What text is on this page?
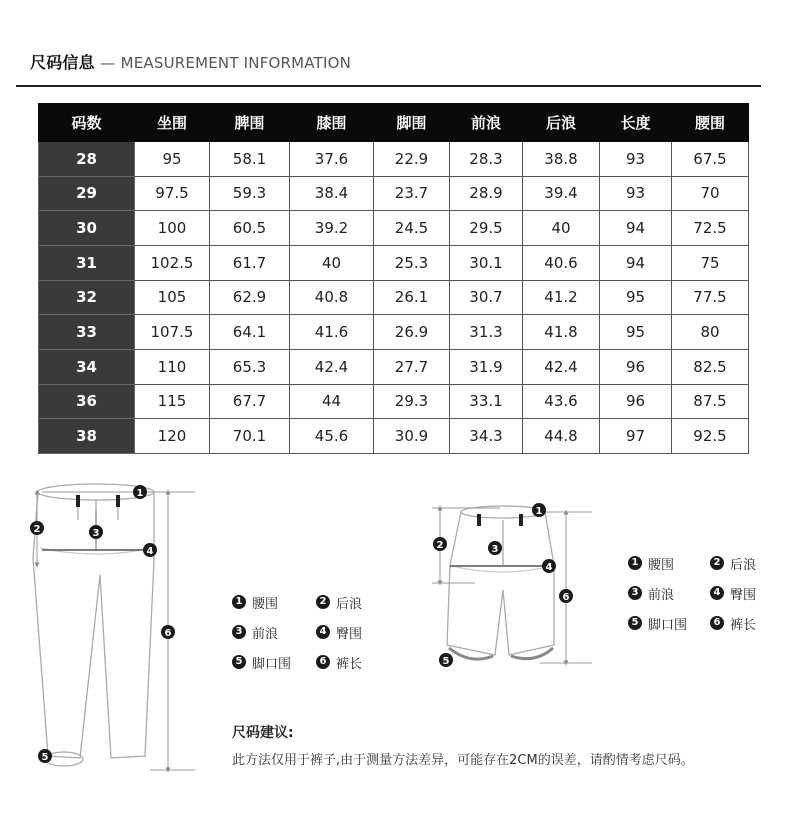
尺码信息 — MEASUREMENT INFORMATION
码数	坐围	脾围	膝围	脚围	前浪	后浪	长度	腰围
28	95	58.1	37.6	22.9	28.3	38.8	93	67.5
29	97.5	59.3	38.4	23.7	28.9	39.4	93	70
30	100	60.5	39.2	24.5	29.5	40	94	72.5
31	102.5	61.7	40	25.3	30.1	40.6	94	75
32	105	62.9	40.8	26.1	30.7	41.2	95	77.5
33	107.5	64.1	41.6	26.9	31.3	41.8	95	80
34	110	65.3	42.4	27.7	31.9	42.4	96	82.5
36	115	67.7	44	29.3	33.1	43.6	96	87.5
38	120	70.1	45.6	30.9	34.3	44.8	97	92.5
1
2	3
4
5
6
1
2	3
4
5
6
1 腰围	2 后浪
3 前浪	4 臀围
5 脚口围	6 裤长
1 腰围	2 后浪
3 前浪	4 臀围
5 脚口围	6 裤长
尺码建议:
此方法仅用于裤子,由于测量方法差异，可能存在2CM的误差，请酌情考虑尺码。
